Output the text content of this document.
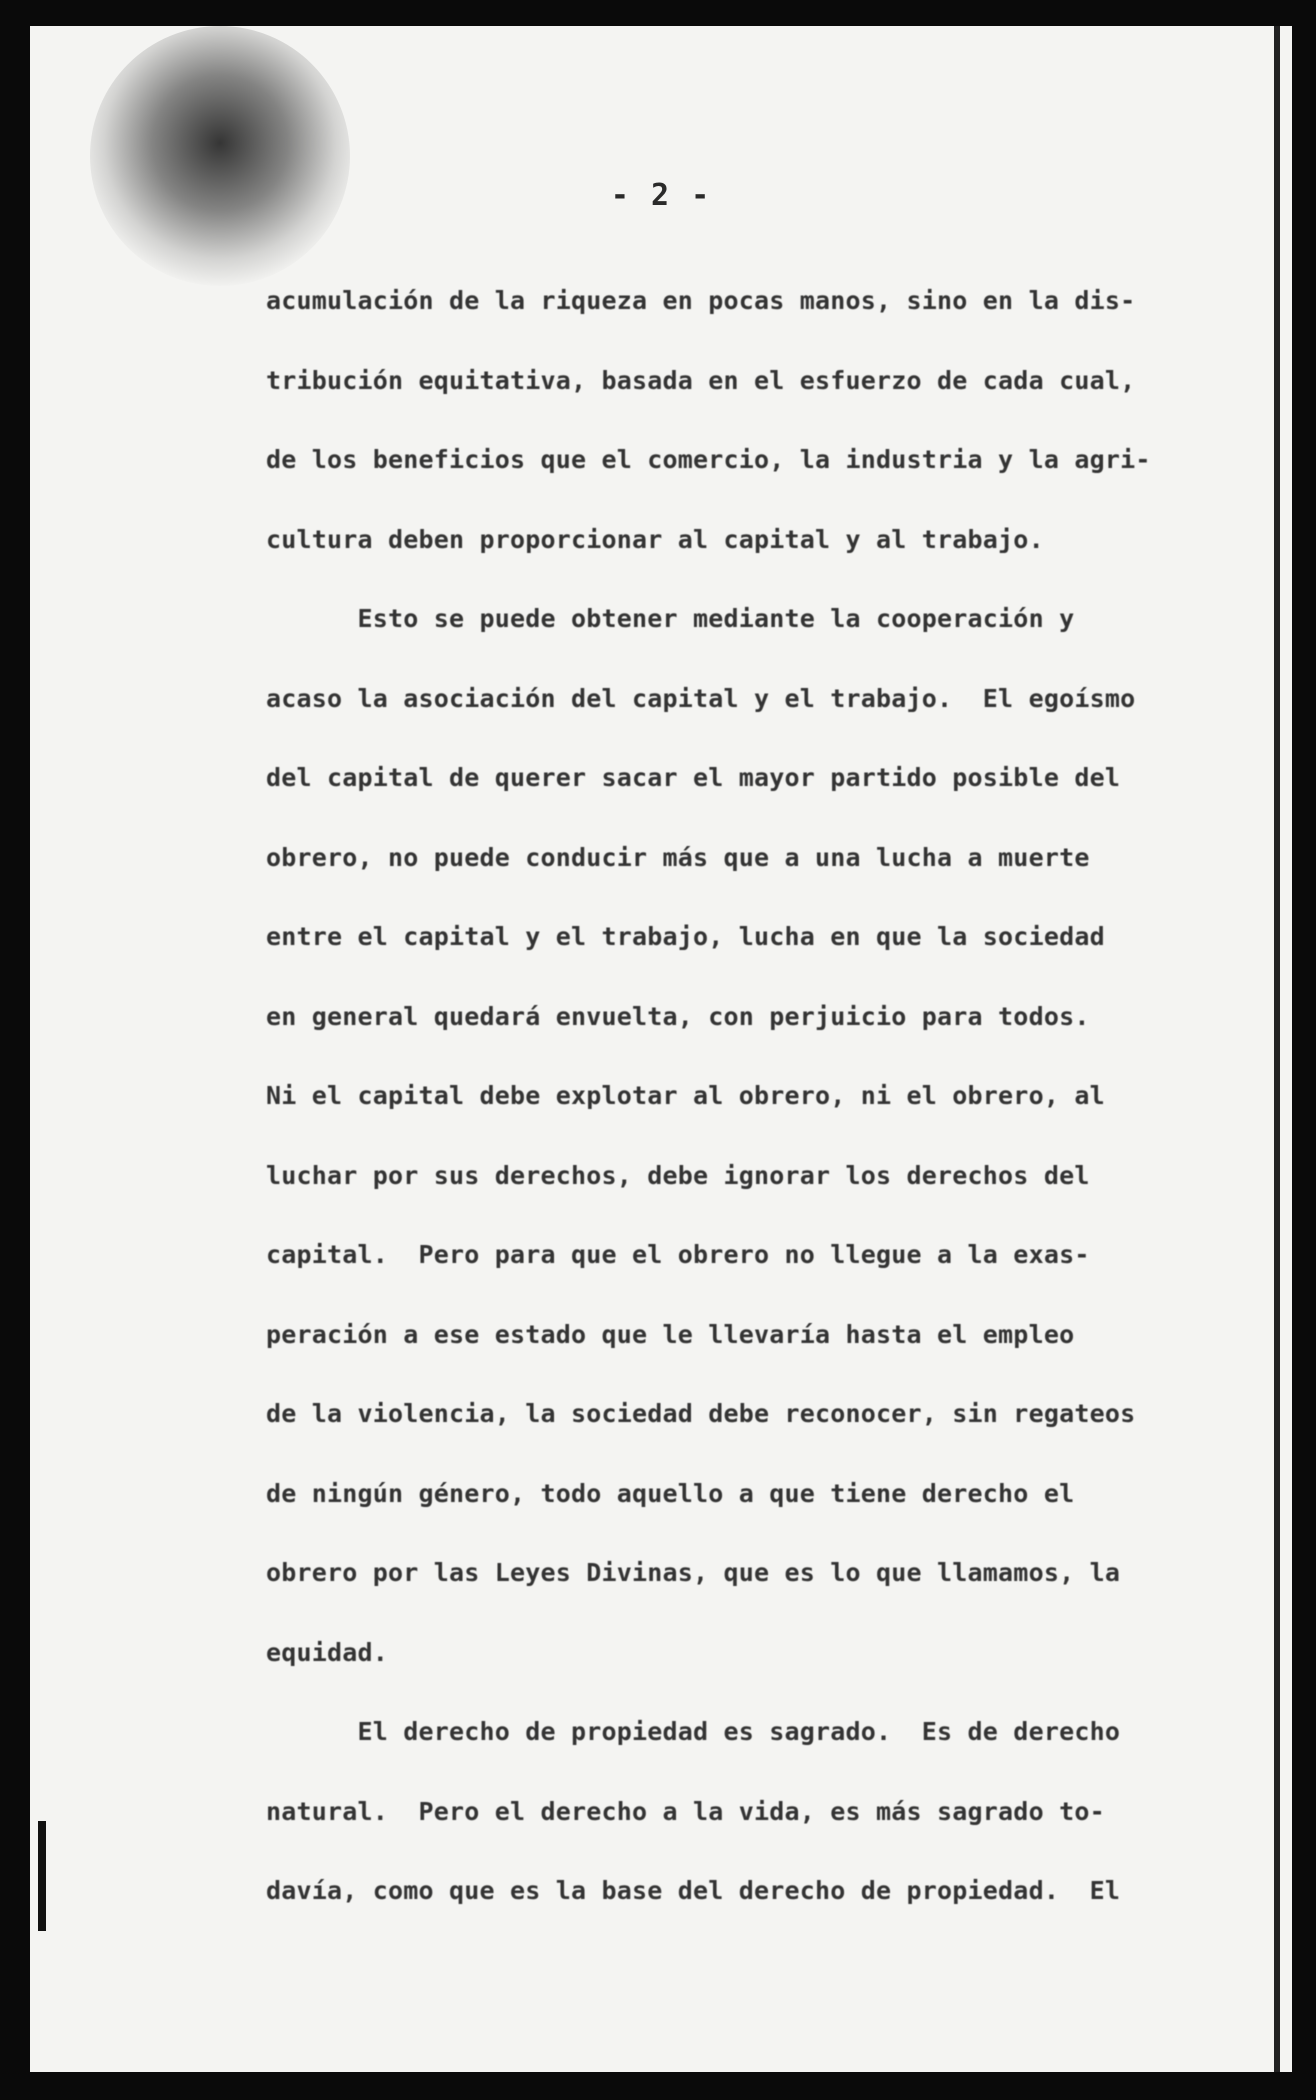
- 2 -
acumulación de la riqueza en pocas manos, sino en la dis-
tribución equitativa, basada en el esfuerzo de cada cual,
de los beneficios que el comercio, la industria y la agri-
cultura deben proporcionar al capital y al trabajo.
Esto se puede obtener mediante la cooperación y
acaso la asociación del capital y el trabajo.  El egoísmo
del capital de querer sacar el mayor partido posible del
obrero, no puede conducir más que a una lucha a muerte
entre el capital y el trabajo, lucha en que la sociedad
en general quedará envuelta, con perjuicio para todos.
Ni el capital debe explotar al obrero, ni el obrero, al
luchar por sus derechos, debe ignorar los derechos del
capital.  Pero para que el obrero no llegue a la exas-
peración a ese estado que le llevaría hasta el empleo
de la violencia, la sociedad debe reconocer, sin regateos
de ningún género, todo aquello a que tiene derecho el
obrero por las Leyes Divinas, que es lo que llamamos, la
equidad.
El derecho de propiedad es sagrado.  Es de derecho
natural.  Pero el derecho a la vida, es más sagrado to-
davía, como que es la base del derecho de propiedad.  El
